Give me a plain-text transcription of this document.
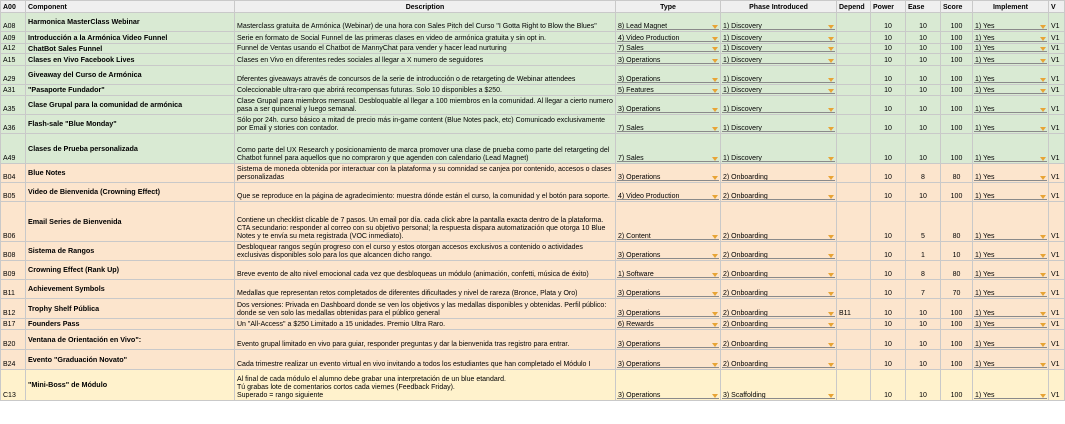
A00	Component	Description	Type	Phase Introduced	Depend	Power	Ease	Score	Implement	V
A08	Harmonica MasterClass Webinar	Masterclass gratuita de Armónica (Webinar) de una hora con Sales Pitch del Curso "I Gotta Right to Blow the Blues"	8) Lead Magnet	1) Discovery		10	10	100	1) Yes	V1
A09	Introducción a la Armónica Video Funnel	Serie en formato de Social Funnel de las primeras clases en video de armónica gratuita y sin opt in.	4) Video Production	1) Discovery		10	10	100	1) Yes	V1
A12	ChatBot Sales Funnel	Funnel de Ventas usando el Chatbot de MannyChat para vender y hacer lead nurturing	7) Sales	1) Discovery		10	10	100	1) Yes	V1
A15	Clases en Vivo Facebook Lives	Clases en Vivo en diferentes redes sociales al llegar a X numero de seguidores	3) Operations	1) Discovery		10	10	100	1) Yes	V1
A29	Giveaway del Curso de Armónica	Dferentes giveaways através de concursos de la serie de introducción o de retargeting de Webinar attendees	3) Operations	1) Discovery		10	10	100	1) Yes	V1
A31	"Pasaporte Fundador"	Coleccionable ultra-raro que abrirá recompensas futuras. Solo 10 disponibles a $250.	5) Features	1) Discovery		10	10	100	1) Yes	V1
A35	Clase Grupal para la comunidad de armónica	Clase Grupal para miembros mensual. Desbloquable al llegar a 100 miembros en la comunidad. Al llegar a cierto numero pasa a ser quincenal y luego semanal.	3) Operations	1) Discovery		10	10	100	1) Yes	V1
A36	Flash-sale "Blue Monday"	Sólo por 24h. curso básico a mitad de precio más in-game content (Blue Notes pack, etc) Comunicado exclusivamente por Email y stories con contador.	7) Sales	1) Discovery		10	10	100	1) Yes	V1
A49	Clases de Prueba personalizada	Como parte del UX Research y posicionamiento de marca promover una clase de prueba como parte del retargeting del Chatbot funnel para aquellos que no compraron y que agenden con calendario (Lead Magnet)	7) Sales	1) Discovery		10	10	100	1) Yes	V1
B04	Blue Notes	Sistema de moneda obtenida por interactuar con la plataforma y su comnidad se canjea por contenido, accesos o clases personalizadas	3) Operations	2) Onboarding		10	8	80	1) Yes	V1
B05	Video de Bienvenida (Crowning Effect)	Que se reproduce en la página de agradecimiento: muestra dónde están el curso, la comunidad y el botón para soporte.	4) Video Production	2) Onboarding		10	10	100	1) Yes	V1
B06	Email Series de Bienvenida	Contiene un checklist clicable de 7 pasos. Un email por día. cada click abre la pantalla exacta dentro de la plataforma.
CTA secundario: responder al correo con su objetivo personal; la respuesta dispara automatización que otorga 10 Blue Notes y te envía su meta registrada (VOC inmediato).	2) Content	2) Onboarding		10	5	80	1) Yes	V1
B08	Sistema de Rangos	Desbloquear rangos según progreso con el curso y estos otorgan accesos exclusivos a contenido o actividades exclusivas disponibles solo para los que alcancen dicho rango.	3) Operations	2) Onboarding		10	1	10	1) Yes	V1
B09	Crowning Effect (Rank Up)	Breve evento de alto nivel emocional cada vez que desbloqueas un módulo (animación, confetti, música de éxito)	1) Software	2) Onboarding		10	8	80	1) Yes	V1
B11	Achievement Symbols	Medallas que representan retos completados de diferentes dificultades y nivel de rareza (Bronce, Plata y Oro)	3) Operations	2) Onboarding		10	7	70	1) Yes	V1
B12	Trophy Shelf Pública	Dos versiones: Privada en Dashboard donde se ven los objetivos y las medallas disponibles y obtenidas. Perfil público: donde se ven solo las medallas obtenidas para el público general	3) Operations	2) Onboarding	B11	10	10	100	1) Yes	V1
B17	Founders Pass	Un "All-Access" a $250 Limitado a 15 unidades. Premio Ultra Raro.	6) Rewards	2) Onboarding		10	10	100	1) Yes	V1
B20	Ventana de Orientación en Vivo":	Evento grupal limitado en vivo para guiar, responder preguntas y dar la bienvenida tras registro para entrar.	3) Operations	2) Onboarding		10	10	100	1) Yes	V1
B24	Evento "Graduación Novato"	Cada trimestre realizar un evento virtual en vivo invitando a todos los estudiantes que han completado el Módulo I	3) Operations	2) Onboarding		10	10	100	1) Yes	V1
C13	"Mini-Boss" de Módulo	Al final de cada módulo el alumno debe grabar una interpretación de un blue etandard.
Tú grabas lote de comentarios cortos cada viernes (Feedback Friday).
Superado = rango siguiente	3) Operations	3) Scaffolding		10	10	100	1) Yes	V1
